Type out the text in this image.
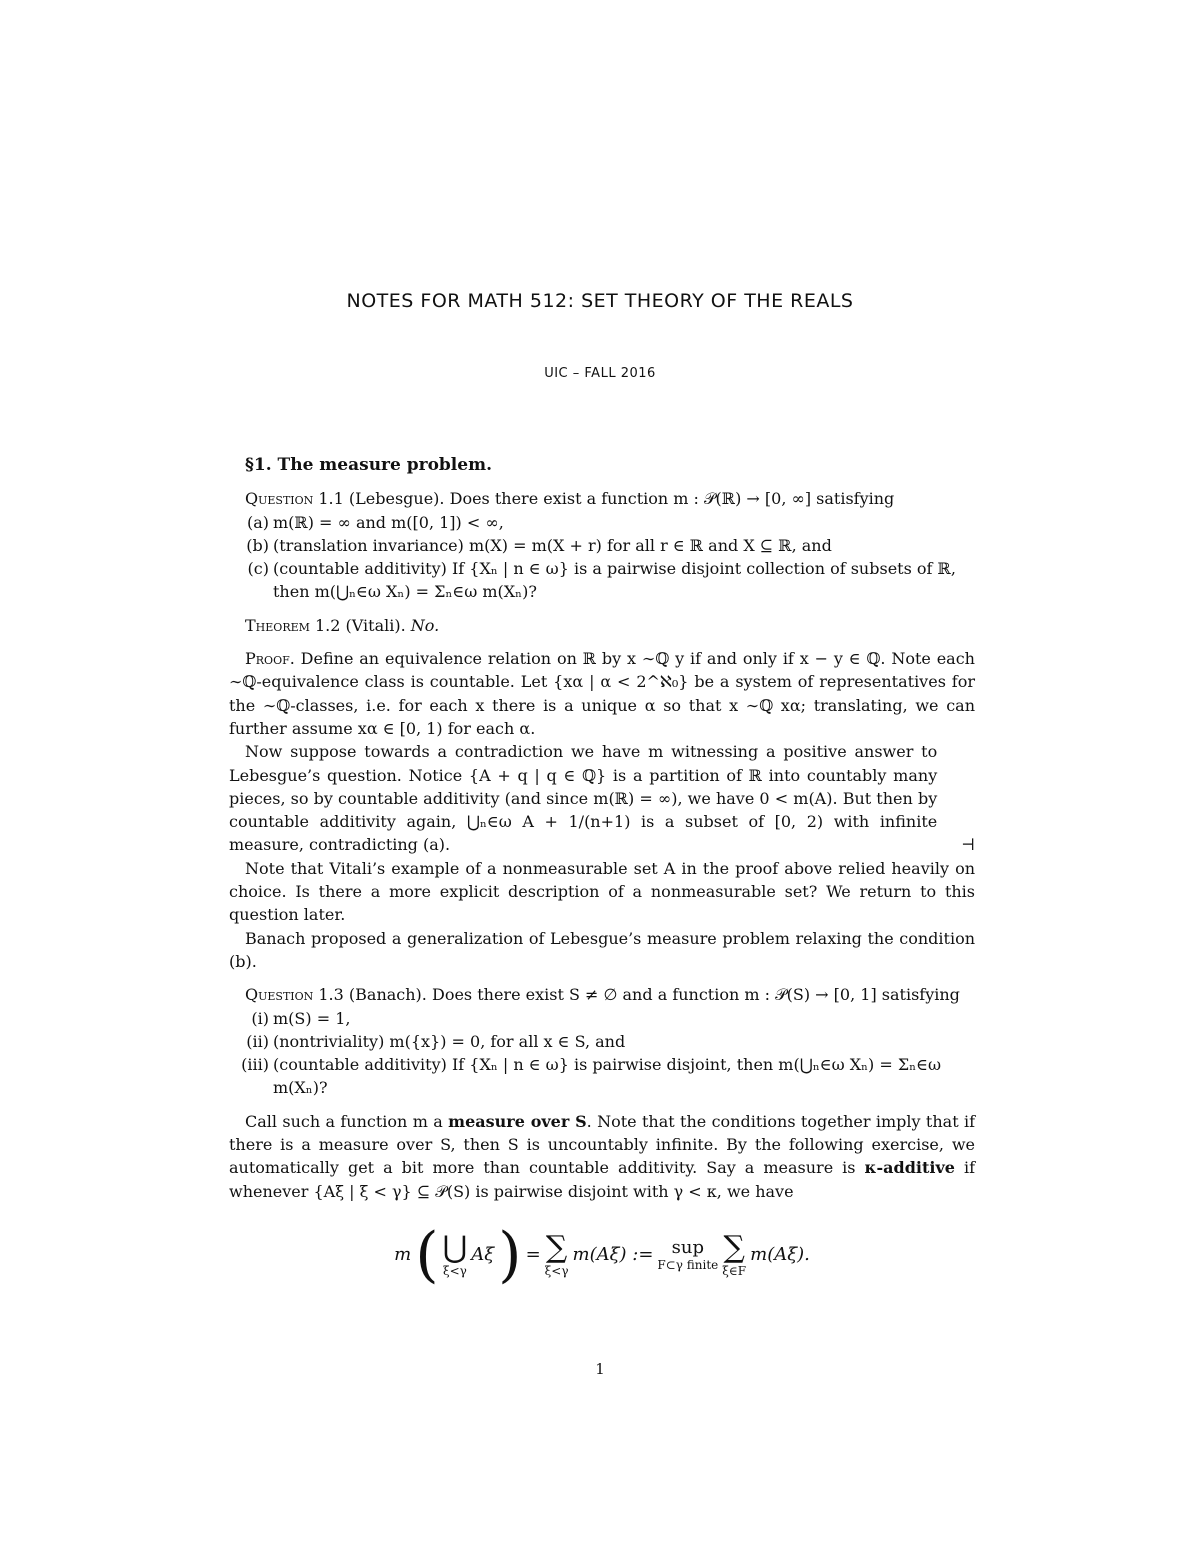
NOTES FOR MATH 512: SET THEORY OF THE REALS
UIC – FALL 2016

§1. The measure problem.

Question 1.1 (Lebesgue). Does there exist a function m : 𝒫(ℝ) → [0, ∞] satisfying

(a) m(ℝ) = ∞ and m([0, 1]) < ∞,
(b) (translation invariance) m(X) = m(X + r) for all r ∈ ℝ and X ⊆ ℝ, and
(c) (countable additivity) If {Xₙ | n ∈ ω} is a pairwise disjoint collection of subsets of ℝ, then m(⋃ₙ∈ω Xₙ) = Σₙ∈ω m(Xₙ)?

Theorem 1.2 (Vitali). No.

Proof. Define an equivalence relation on ℝ by x ∼ℚ y if and only if x − y ∈ ℚ. Note each ∼ℚ-equivalence class is countable. Let {xα | α < 2^ℵ₀} be a system of representatives for the ∼ℚ-classes, i.e. for each x there is a unique α so that x ∼ℚ xα; translating, we can further assume xα ∈ [0, 1) for each α.

Now suppose towards a contradiction we have m witnessing a positive answer to Lebesgue’s question. Notice {A + q | q ∈ ℚ} is a partition of ℝ into countably many pieces, so by countable additivity (and since m(ℝ) = ∞), we have 0 < m(A). But then by countable additivity again, ⋃ₙ∈ω A + 1/(n+1) is a subset of [0, 2) with infinite measure, contradicting (a).	⊣

Note that Vitali’s example of a nonmeasurable set A in the proof above relied heavily on choice. Is there a more explicit description of a nonmeasurable set? We return to this question later.

Banach proposed a generalization of Lebesgue’s measure problem relaxing the condition (b).

Question 1.3 (Banach). Does there exist S ≠ ∅ and a function m : 𝒫(S) → [0, 1] satisfying

(i) m(S) = 1,
(ii) (nontriviality) m({x}) = 0, for all x ∈ S, and
(iii) (countable additivity) If {Xₙ | n ∈ ω} is pairwise disjoint, then m(⋃ₙ∈ω Xₙ) = Σₙ∈ω m(Xₙ)?

Call such a function m a measure over S. Note that the conditions together imply that if there is a measure over S, then S is uncountably infinite. By the following exercise, we automatically get a bit more than countable additivity. Say a measure is κ-additive if whenever {Aξ | ξ < γ} ⊆ 𝒫(S) is pairwise disjoint with γ < κ, we have

m ( ⋃
ξ<γ
Aξ ) = ∑
ξ<γ
m(Aξ) := sup
F⊂γ finite ∑
ξ∈F
m(Aξ).
1
